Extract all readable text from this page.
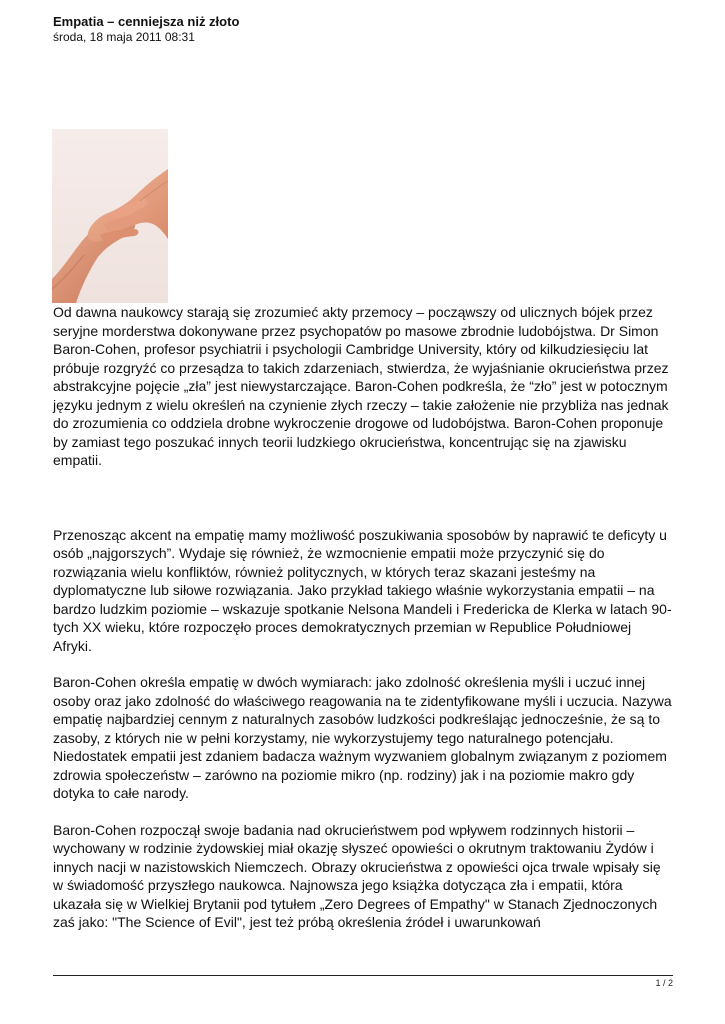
Empatia – cenniejsza niż złoto

środa, 18 maja 2011 08:31

Od dawna naukowcy starają się zrozumieć akty przemocy – począwszy od ulicznych bójek przez seryjne morderstwa dokonywane przez psychopatów po masowe zbrodnie ludobójstwa. Dr Simon Baron-Cohen, profesor psychiatrii i psychologii Cambridge University, który od kilkudziesięciu lat próbuje rozgryźć co przesądza to takich zdarzeniach, stwierdza, że wyjaśnianie okrucieństwa przez abstrakcyjne pojęcie „zła” jest niewystarczające. Baron-Cohen podkreśla, że “zło” jest w potocznym języku jednym z wielu określeń na czynienie złych rzeczy – takie założenie nie przybliża nas jednak do zrozumienia co oddziela drobne wykroczenie drogowe od ludobójstwa. Baron-Cohen proponuje by zamiast tego poszukać innych teorii ludzkiego okrucieństwa, koncentrując się na zjawisku empatii.

Przenosząc akcent na empatię mamy możliwość poszukiwania sposobów by naprawić te deficyty u osób „najgorszych”. Wydaje się również, że wzmocnienie empatii może przyczynić się do rozwiązania wielu konfliktów, również politycznych, w których teraz skazani jesteśmy na dyplomatyczne lub siłowe rozwiązania. Jako przykład takiego właśnie wykorzystania empatii – na bardzo ludzkim poziomie – wskazuje spotkanie Nelsona Mandeli i Fredericka de Klerka w latach 90-tych XX wieku, które rozpoczęło proces demokratycznych przemian w Republice Południowej Afryki.

Baron-Cohen określa empatię w dwóch wymiarach: jako zdolność określenia myśli i uczuć innej osoby oraz jako zdolność do właściwego reagowania na te zidentyfikowane myśli i uczucia. Nazywa empatię najbardziej cennym z naturalnych zasobów ludzkości podkreślając jednocześnie, że są to zasoby, z których nie w pełni korzystamy, nie wykorzystujemy tego naturalnego potencjału. Niedostatek empatii jest zdaniem badacza ważnym wyzwaniem globalnym związanym z poziomem zdrowia społeczeństw – zarówno na poziomie mikro (np. rodziny) jak i na poziomie makro gdy dotyka to całe narody.

Baron-Cohen rozpoczął swoje badania nad okrucieństwem pod wpływem rodzinnych historii – wychowany w rodzinie żydowskiej miał okazję słyszeć opowieści o okrutnym traktowaniu Żydów i innych nacji w nazistowskich Niemczech. Obrazy okrucieństwa z opowieści ojca trwale wpisały się w świadomość przyszłego naukowca. Najnowsza jego książka dotycząca zła i empatii, która ukazała się w Wielkiej Brytanii pod tytułem „Zero Degrees of Empathy" w Stanach Zjednoczonych zaś jako: "The Science of Evil", jest też próbą określenia źródeł i uwarunkowań

1 / 2
